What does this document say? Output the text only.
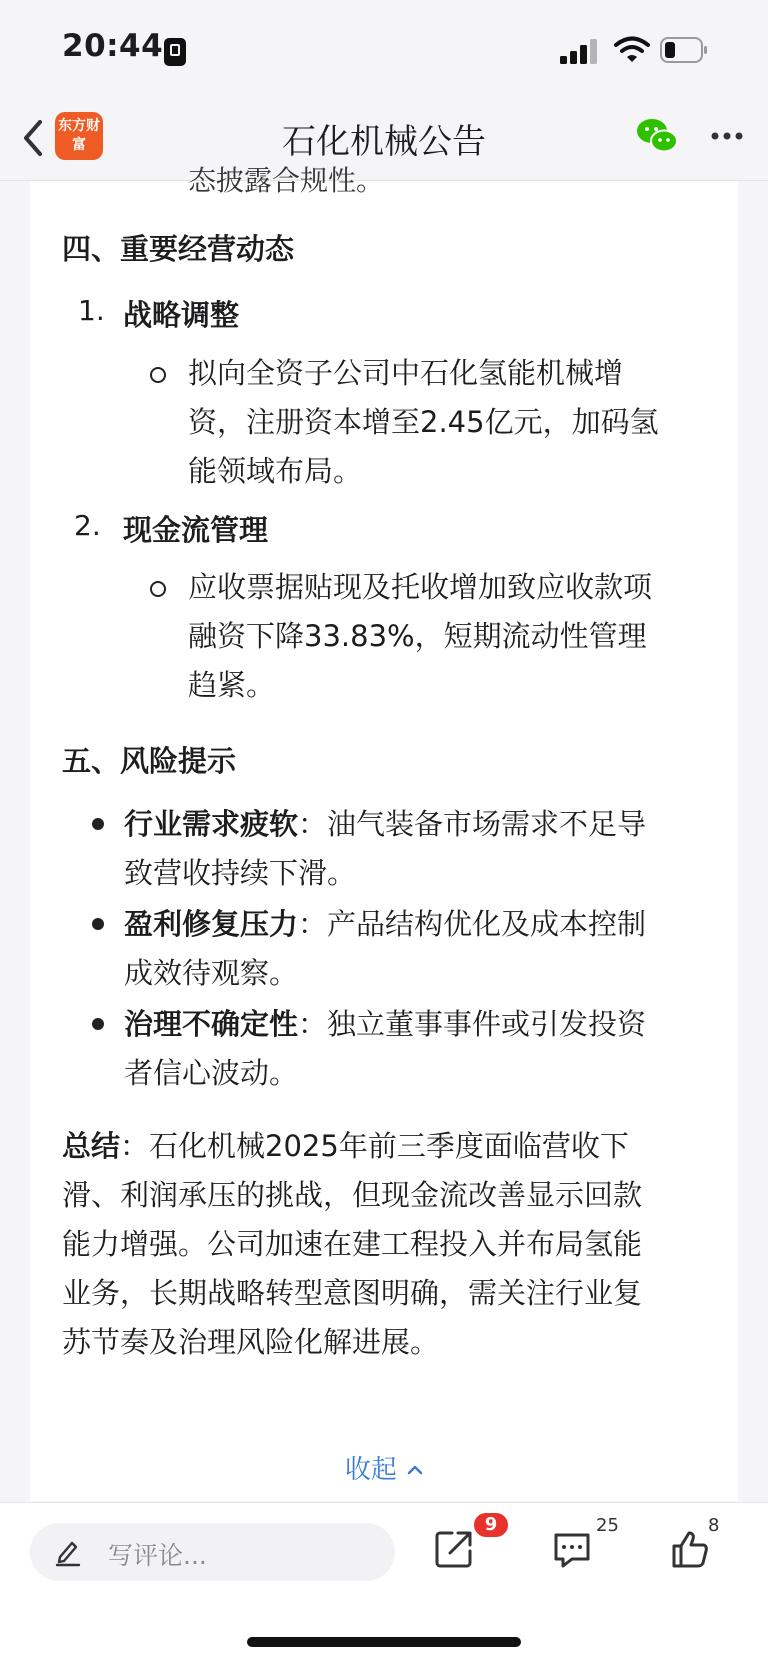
20:44
东方财富	石化机械公告
态披露合规性。
四、重要经营动态
1. 战略调整
拟向全资子公司中石化氢能机械增
资，注册资本增至2.45亿元，加码氢
能领域布局。
2. 现金流管理
应收票据贴现及托收增加致应收款项
融资下降33.83%，短期流动性管理
趋紧。
五、风险提示
行业需求疲软：油气装备市场需求不足导
致营收持续下滑。
盈利修复压力：产品结构优化及成本控制
成效待观察。
治理不确定性：独立董事事件或引发投资
者信心波动。
总结：石化机械2025年前三季度面临营收下
滑、利润承压的挑战，但现金流改善显示回款
能力增强。公司加速在建工程投入并布局氢能
业务，长期战略转型意图明确，需关注行业复
苏节奏及治理风险化解进展。
收起
写评论...
9	25	8
